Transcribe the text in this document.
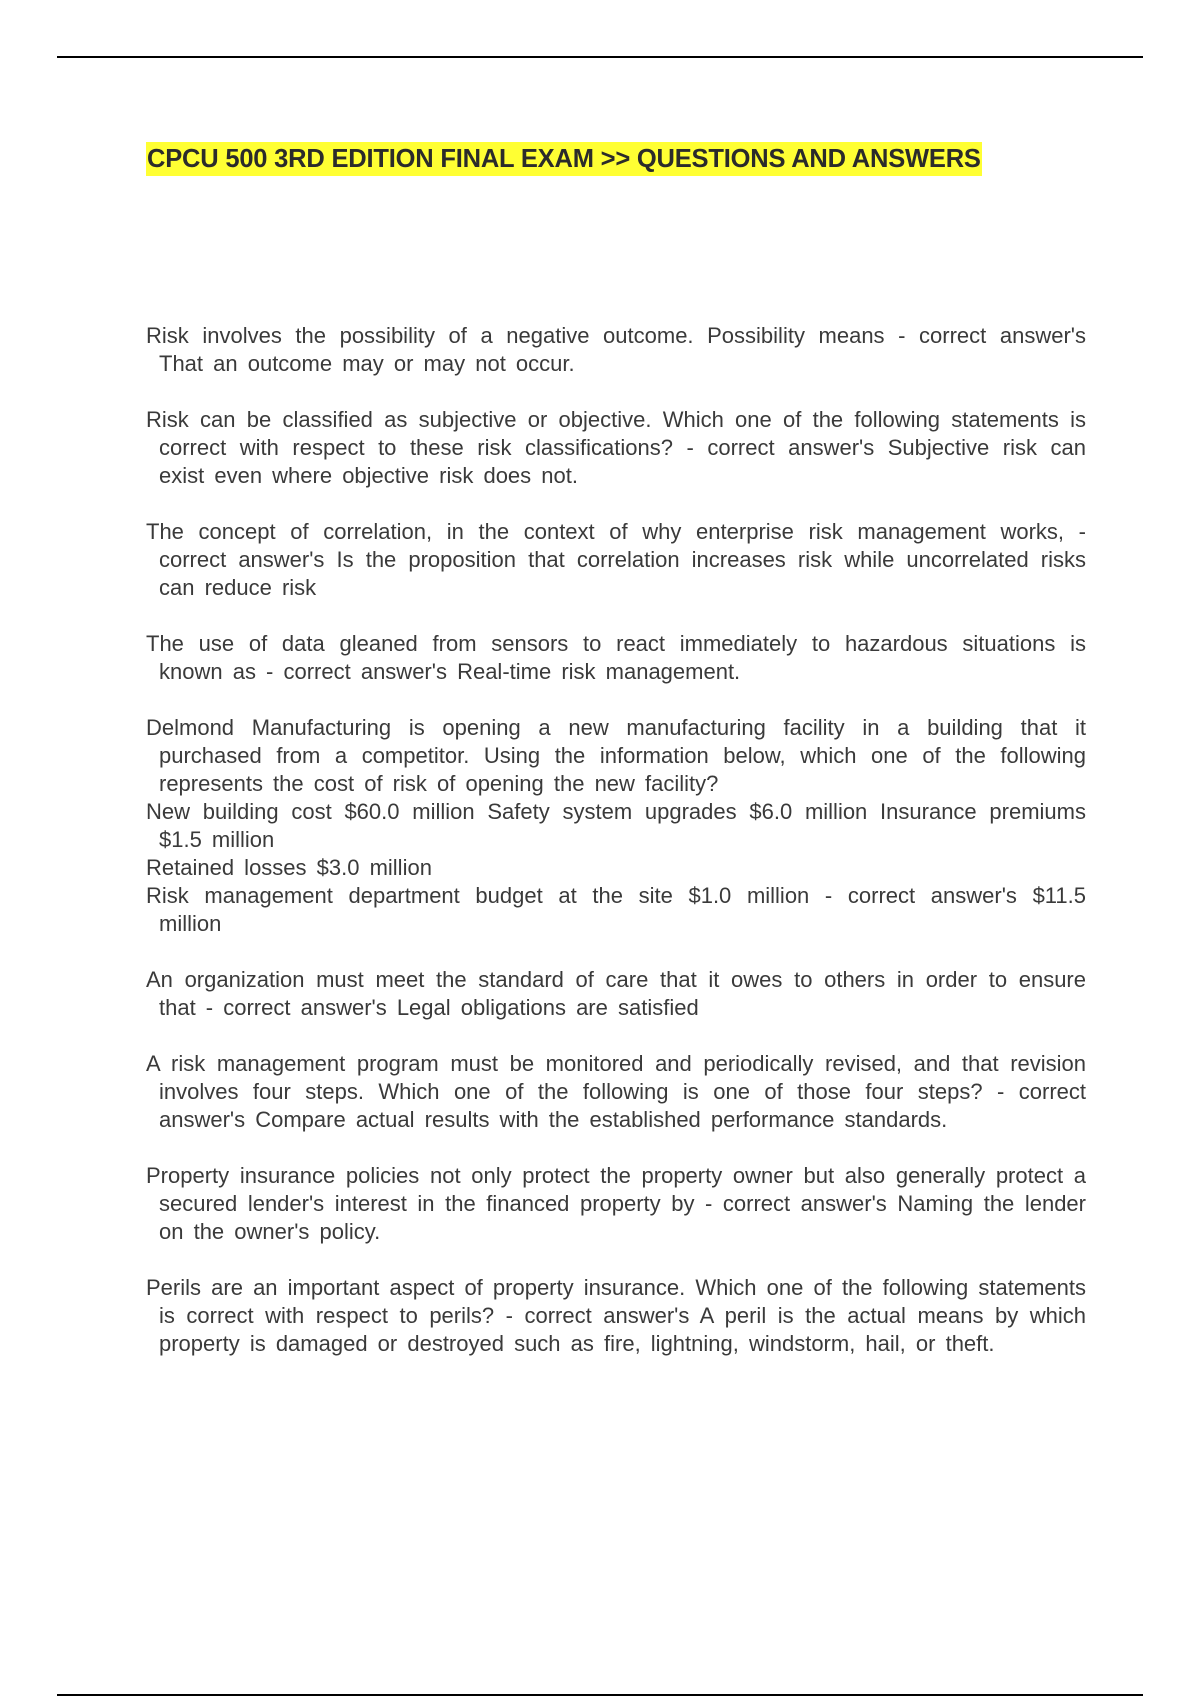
CPCU 500 3RD EDITION FINAL EXAM >> QUESTIONS AND ANSWERS
Risk involves the possibility of a negative outcome. Possibility means - correct answer's That an outcome may or may not occur.
Risk can be classified as subjective or objective. Which one of the following statements is correct with respect to these risk classifications? - correct answer's Subjective risk can exist even where objective risk does not.
The concept of correlation, in the context of why enterprise risk management works, - correct answer's Is the proposition that correlation increases risk while uncorrelated risks can reduce risk
The use of data gleaned from sensors to react immediately to hazardous situations is known as - correct answer's Real-time risk management.
Delmond Manufacturing is opening a new manufacturing facility in a building that it purchased from a competitor. Using the information below, which one of the following represents the cost of risk of opening the new facility?
New building cost $60.0 million Safety system upgrades $6.0 million Insurance premiums $1.5 million
Retained losses $3.0 million
Risk management department budget at the site $1.0 million - correct answer's $11.5 million
An organization must meet the standard of care that it owes to others in order to ensure that - correct answer's Legal obligations are satisfied
A risk management program must be monitored and periodically revised, and that revision involves four steps. Which one of the following is one of those four steps? - correct answer's Compare actual results with the established performance standards.
Property insurance policies not only protect the property owner but also generally protect a secured lender's interest in the financed property by - correct answer's Naming the lender on the owner's policy.
Perils are an important aspect of property insurance. Which one of the following statements is correct with respect to perils? - correct answer's A peril is the actual means by which property is damaged or destroyed such as fire, lightning, windstorm, hail, or theft.
